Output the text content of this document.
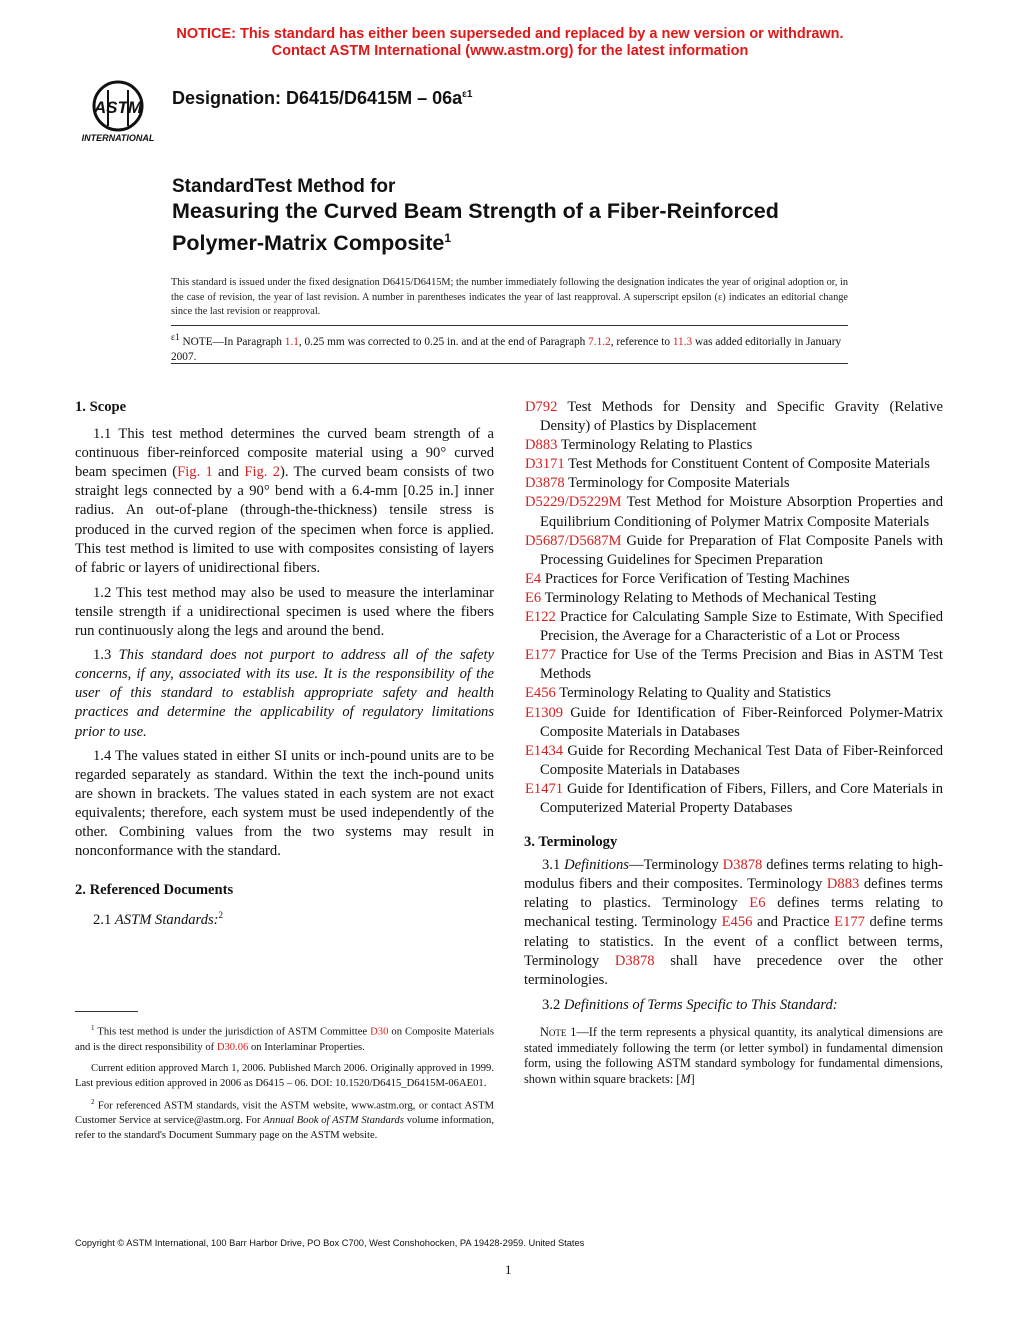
NOTICE: This standard has either been superseded and replaced by a new version or withdrawn.
Contact ASTM International (www.astm.org) for the latest information
ASTM
INTERNATIONAL
Designation: $D6415/D6415M - 06a^{\varepsilon 1}$
StandardTest Method for
Measuring the Curved Beam Strength of a Fiber-Reinforced
Polymer-Matrix Composite$^1$
This standard is issued under the fixed designation D6415/D6415M; the number immediately following the designation indicates the year of original adoption or, in the case of revision, the year of last revision. A number in parentheses indicates the year of last reapproval. A superscript epsilon (ε) indicates an editorial change since the last revision or reapproval.
$^{\varepsilon 1}$ NOTE—In Paragraph 1.1, 0.25 mm was corrected to 0.25 in. and at the end of Paragraph 7.1.2, reference to 11.3 was added editorially in January 2007.
1. Scope

1.1 This test method determines the curved beam strength of a continuous fiber-reinforced composite material using a 90° curved beam specimen (Fig. 1 and Fig. 2). The curved beam consists of two straight legs connected by a 90° bend with a 6.4-mm [0.25 in.] inner radius. An out-of-plane (through-the-thickness) tensile stress is produced in the curved region of the specimen when force is applied. This test method is limited to use with composites consisting of layers of fabric or layers of unidirectional fibers.

1.2 This test method may also be used to measure the interlaminar tensile strength if a unidirectional specimen is used where the fibers run continuously along the legs and around the bend.

1.3 This standard does not purport to address all of the safety concerns, if any, associated with its use. It is the responsibility of the user of this standard to establish appropriate safety and health practices and determine the applicability of regulatory limitations prior to use.

1.4 The values stated in either SI units or inch-pound units are to be regarded separately as standard. Within the text the inch-pound units are shown in brackets. The values stated in each system are not exact equivalents; therefore, each system must be used independently of the other. Combining values from the two systems may result in nonconformance with the standard.

2. Referenced Documents

2.1 ASTM Standards:$^2$

$^1$ This test method is under the jurisdiction of ASTM Committee D30 on Composite Materials and is the direct responsibility of D30.06 on Interlaminar Properties.

Current edition approved March 1, 2006. Published March 2006. Originally approved in 1999. Last previous edition approved in 2006 as D6415 – 06. DOI: 10.1520/D6415_D6415M-06AE01.

$^2$ For referenced ASTM standards, visit the ASTM website, www.astm.org, or contact ASTM Customer Service at service@astm.org. For Annual Book of ASTM Standards volume information, refer to the standard's Document Summary page on the ASTM website.

D792 Test Methods for Density and Specific Gravity (Relative Density) of Plastics by Displacement
D883 Terminology Relating to Plastics
D3171 Test Methods for Constituent Content of Composite Materials
D3878 Terminology for Composite Materials
D5229/D5229M Test Method for Moisture Absorption Properties and Equilibrium Conditioning of Polymer Matrix Composite Materials
D5687/D5687M Guide for Preparation of Flat Composite Panels with Processing Guidelines for Specimen Preparation
E4 Practices for Force Verification of Testing Machines
E6 Terminology Relating to Methods of Mechanical Testing
E122 Practice for Calculating Sample Size to Estimate, With Specified Precision, the Average for a Characteristic of a Lot or Process
E177 Practice for Use of the Terms Precision and Bias in ASTM Test Methods
E456 Terminology Relating to Quality and Statistics
E1309 Guide for Identification of Fiber-Reinforced Polymer-Matrix Composite Materials in Databases
E1434 Guide for Recording Mechanical Test Data of Fiber-Reinforced Composite Materials in Databases
E1471 Guide for Identification of Fibers, Fillers, and Core Materials in Computerized Material Property Databases
3. Terminology

3.1 Definitions—Terminology D3878 defines terms relating to high-modulus fibers and their composites. Terminology D883 defines terms relating to plastics. Terminology E6 defines terms relating to mechanical testing. Terminology E456 and Practice E177 define terms relating to statistics. In the event of a conflict between terms, Terminology D3878 shall have precedence over the other terminologies.

3.2 Definitions of Terms Specific to This Standard:

Note 1—If the term represents a physical quantity, its analytical dimensions are stated immediately following the term (or letter symbol) in fundamental dimension form, using the following ASTM standard symbology for fundamental dimensions, shown within square brackets: [M]

Copyright © ASTM International, 100 Barr Harbor Drive, PO Box C700, West Conshohocken, PA 19428-2959. United States
1
